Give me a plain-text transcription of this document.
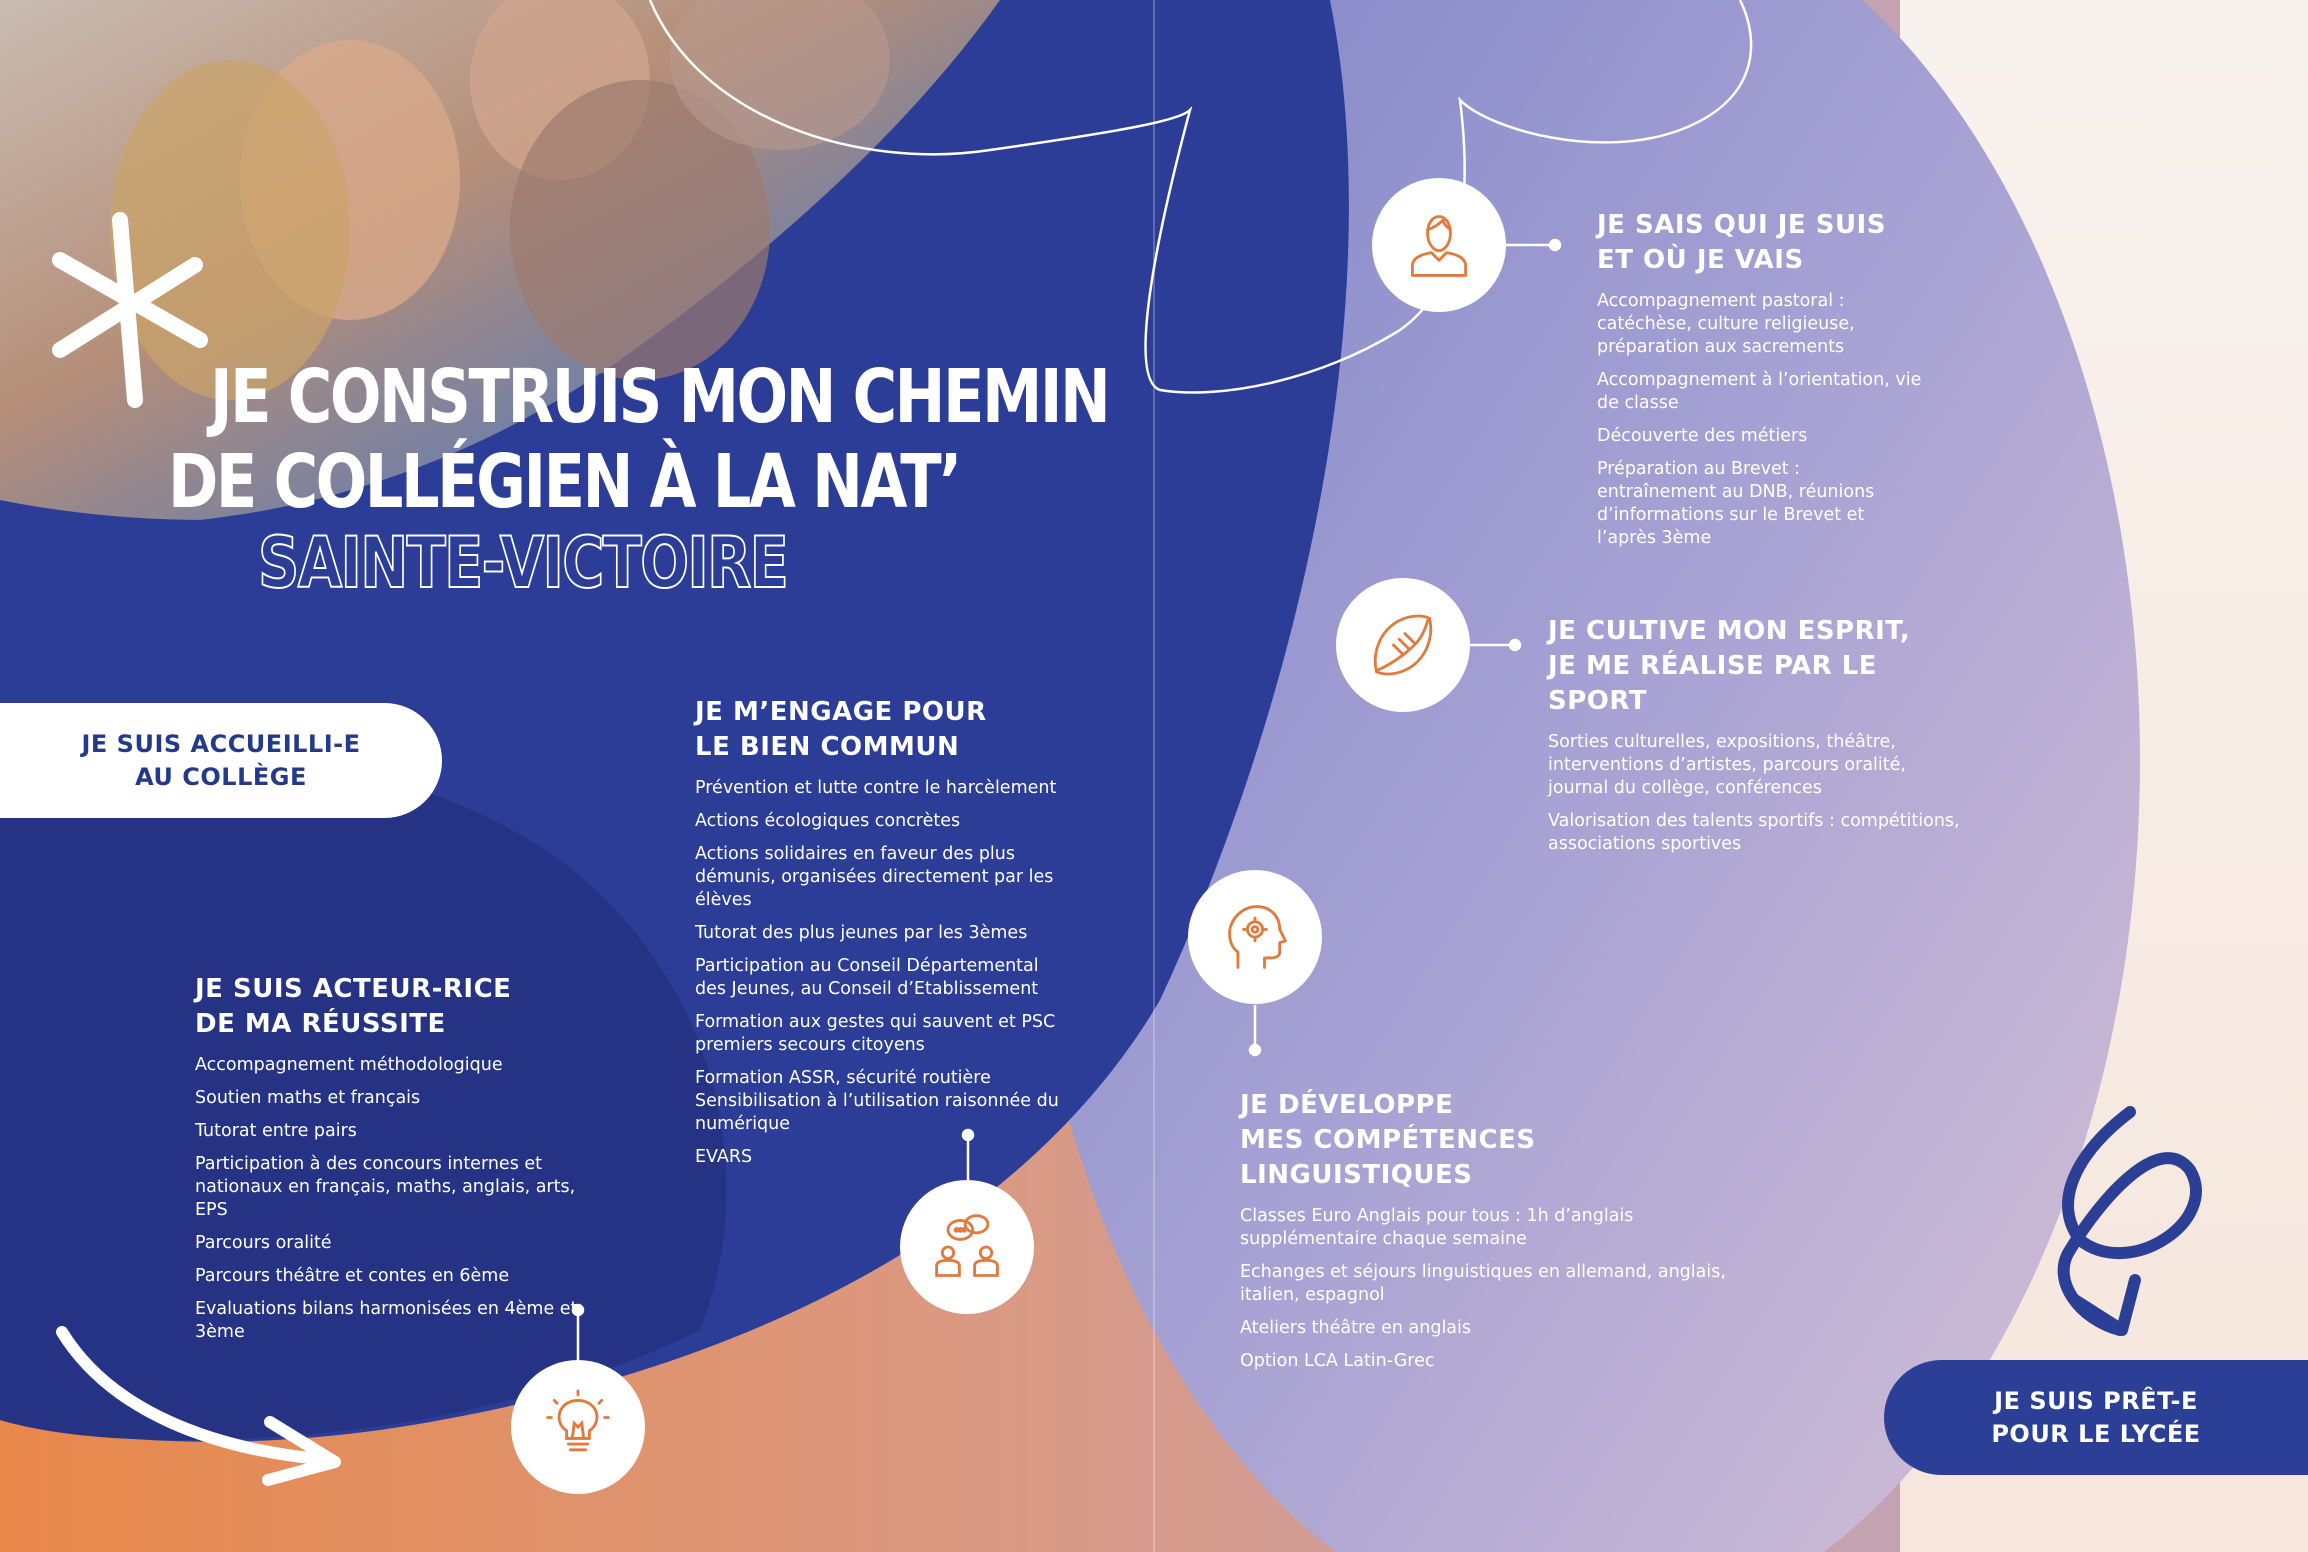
JE CONSTRUIS MON CHEMIN
DE COLLÉGIEN À LA NAT’
SAINTE-VICTOIRE
JE SUIS ACCUEILLI-E
AU COLLÈGE
JE SUIS PRÊT-E
POUR LE LYCÉE
JE SUIS ACTEUR-RICE
DE MA RÉUSSITE
Accompagnement méthodologique
Soutien maths et français
Tutorat entre pairs
Participation à des concours internes et nationaux en français, maths, anglais, arts, EPS
Parcours oralité
Parcours théâtre et contes en 6ème
Evaluations bilans harmonisées en 4ème et 3ème
JE M’ENGAGE POUR
LE BIEN COMMUN
Prévention et lutte contre le harcèlement
Actions écologiques concrètes
Actions solidaires en faveur des plus démunis, organisées directement par les élèves
Tutorat des plus jeunes par les 3èmes
Participation au Conseil Départemental des Jeunes, au Conseil d’Etablissement
Formation aux gestes qui sauvent et PSC premiers secours citoyens
Formation ASSR, sécurité routière Sensibilisation à l’utilisation raisonnée du numérique
EVARS
JE SAIS QUI JE SUIS
ET OÙ JE VAIS
Accompagnement pastoral : catéchèse, culture religieuse, préparation aux sacrements
Accompagnement à l’orientation, vie de classe
Découverte des métiers
Préparation au Brevet : entraînement au DNB, réunions d’informations sur le Brevet et l’après 3ème
JE CULTIVE MON ESPRIT,
JE ME RÉALISE PAR LE SPORT
Sorties culturelles, expositions, théâtre, interventions d’artistes, parcours oralité, journal du collège, conférences
Valorisation des talents sportifs : compétitions, associations sportives
JE DÉVELOPPE
MES COMPÉTENCES LINGUISTIQUES
Classes Euro Anglais pour tous : 1h d’anglais supplémentaire chaque semaine
Echanges et séjours linguistiques en allemand, anglais, italien, espagnol
Ateliers théâtre en anglais
Option LCA Latin-Grec
